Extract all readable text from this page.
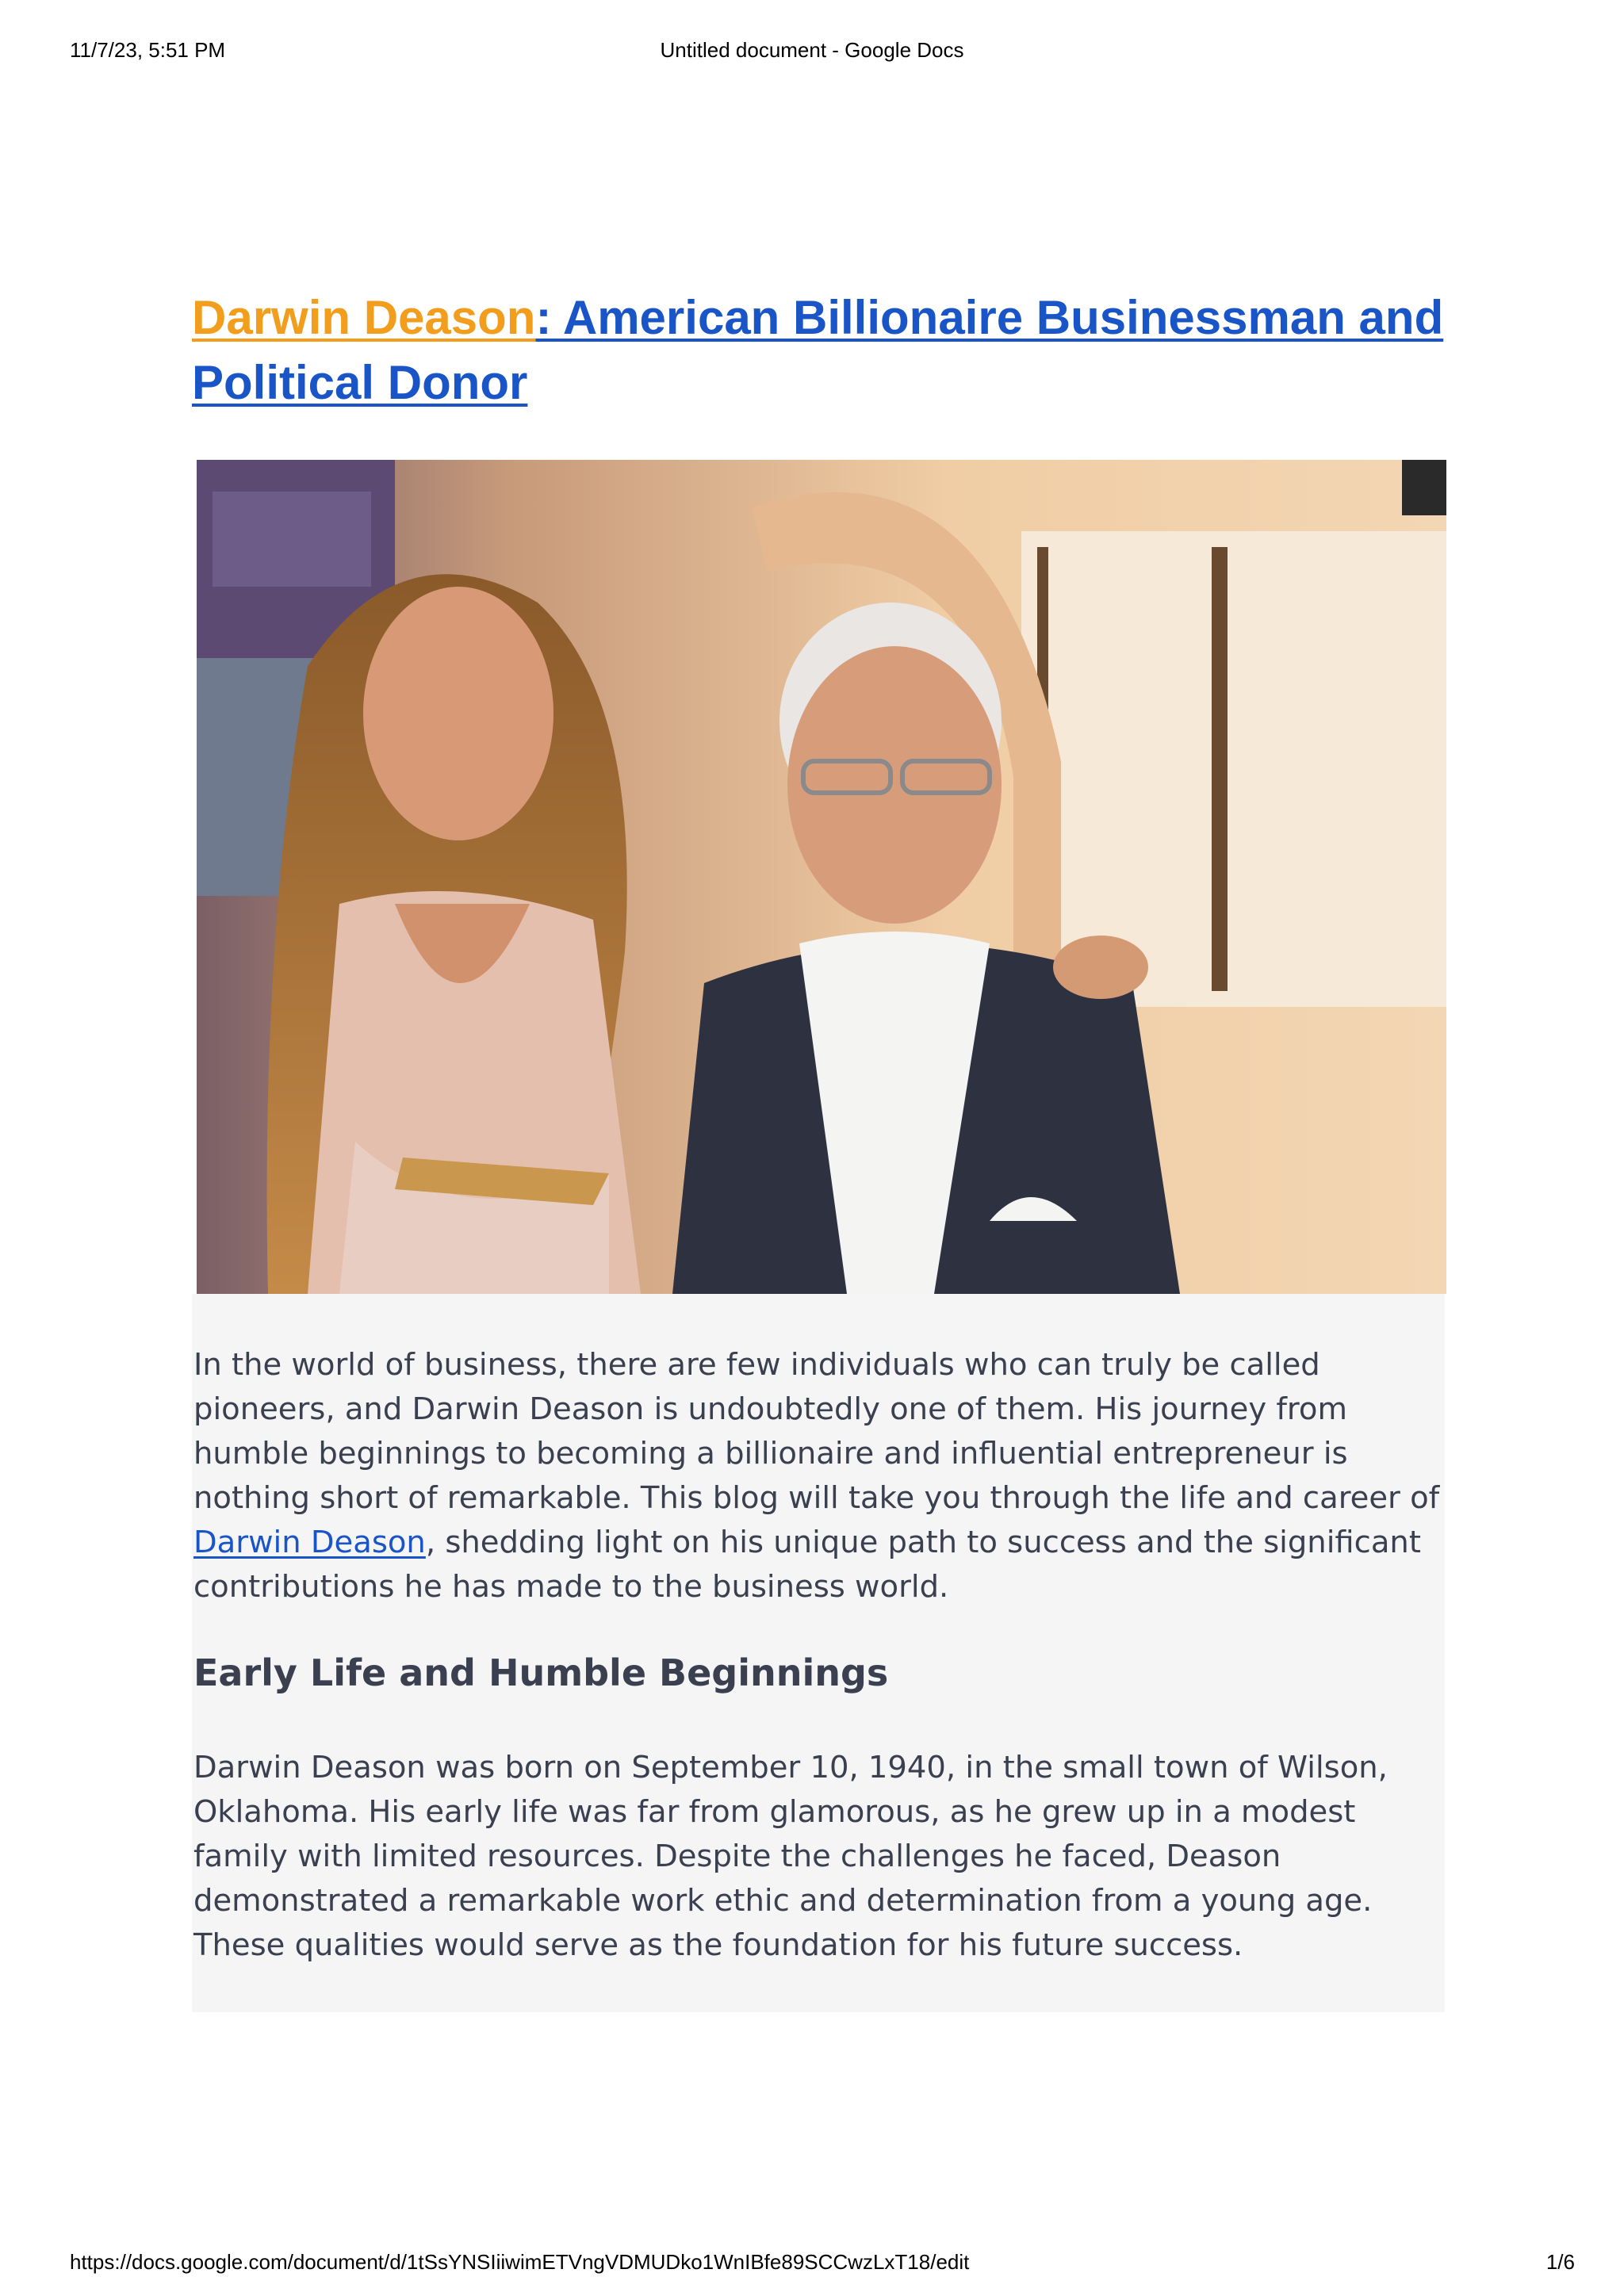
11/7/23, 5:51 PM	Untitled document - Google Docs
Darwin Deason: American Billionaire Businessman and Political Donor

In the world of business, there are few individuals who can truly be called pioneers, and Darwin Deason is undoubtedly one of them. His journey from humble beginnings to becoming a billionaire and influential entrepreneur is nothing short of remarkable. This blog will take you through the life and career of Darwin Deason, shedding light on his unique path to success and the significant contributions he has made to the business world.

Early Life and Humble Beginnings

Darwin Deason was born on September 10, 1940, in the small town of Wilson, Oklahoma. His early life was far from glamorous, as he grew up in a modest family with limited resources. Despite the challenges he faced, Deason demonstrated a remarkable work ethic and determination from a young age. These qualities would serve as the foundation for his future success.

https://docs.google.com/document/d/1tSsYNSIiiwimETVngVDMUDko1WnIBfe89SCCwzLxT18/edit	1/6
